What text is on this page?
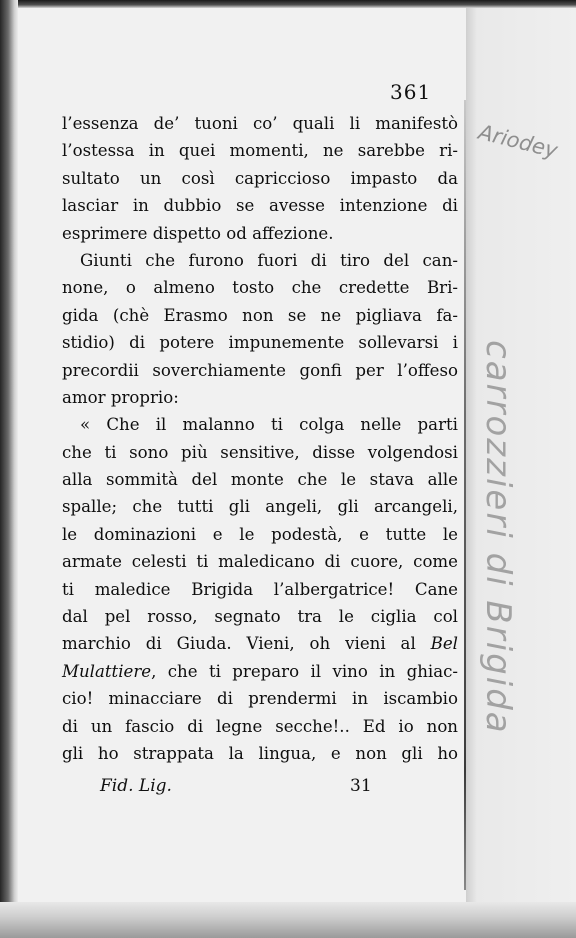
361
l’essenza de’ tuoni co’ quali li manifestò
l’ostessa in quei momenti, ne sarebbe ri-
sultato un così capriccioso impasto da
lasciar in dubbio se avesse intenzione di
esprimere dispetto od affezione.
Giunti che furono fuori di tiro del can-
none, o almeno tosto che credette Bri-
gida (chè Erasmo non se ne pigliava fa-
stidio) di potere impunemente sollevarsi i
precordii soverchiamente gonfi per l’offeso
amor proprio:
« Che il malanno ti colga nelle parti
che ti sono più sensitive, disse volgendosi
alla sommità del monte che le stava alle
spalle; che tutti gli angeli, gli arcangeli,
le dominazioni e le podestà, e tutte le
armate celesti ti maledicano di cuore, come
ti maledice Brigida l’albergatrice! Cane
dal pel rosso, segnato tra le ciglia col
marchio di Giuda. Vieni, oh vieni al Bel
Mulattiere, che ti preparo il vino in ghiac-
cio! minacciare di prendermi in iscambio
di un fascio di legne secche!.. Ed io non
gli ho strappata la lingua, e non gli ho
Fid. Lig.	31
Ariodey
carrozzieri di Brigida
